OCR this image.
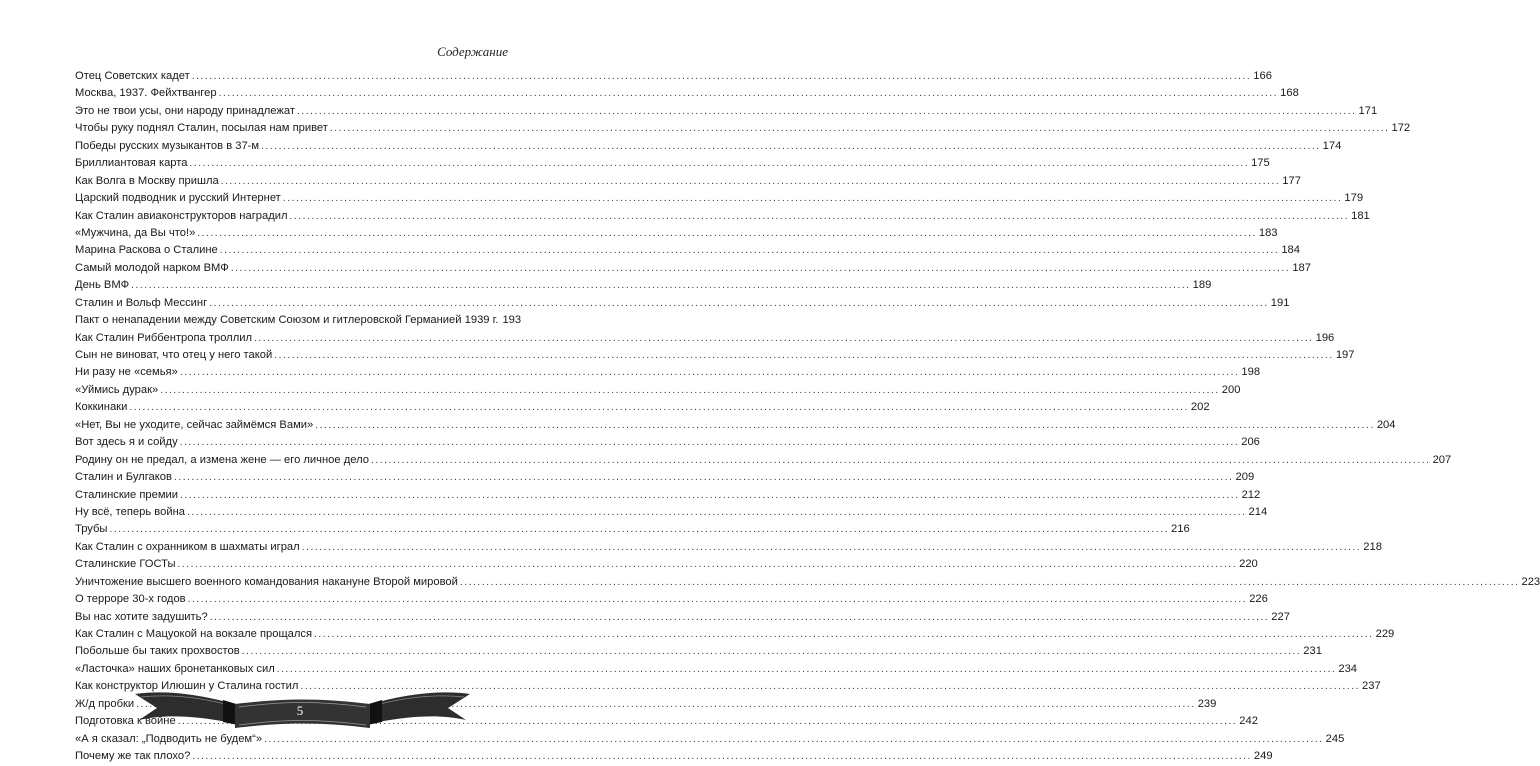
Содержание
Отец Советских кадет .....	166
Москва, 1937. Фейхтвангер .....	168
Это не твои усы, они народу принадлежат .....	171
Чтобы руку поднял Сталин, посылая нам привет .....	172
Победы русских музыкантов в 37-м .....	174
Бриллиантовая карта .....	175
Как Волга в Москву пришла .....	177
Царский подводник и русский Интернет .....	179
Как Сталин авиаконструкторов наградил .....	181
«Мужчина, да Вы что!» .....	183
Марина Раскова о Сталине .....	184
Самый молодой нарком ВМФ .....	187
День ВМФ .....	189
Сталин и Вольф Мессинг .....	191
Пакт о ненападении между Советским Союзом и гитлеровской Германией 1939 г. 193
Как Сталин Риббентропа троллил .....	196
Сын не виноват, что отец у него такой .....	197
Ни разу не «семья» .....	198
«Уймись дурак» .....	200
Коккинаки .....	202
«Нет, Вы не уходите, сейчас займёмся Вами» .....	204
Вот здесь я и сойду .....	206
Родину он не предал, а измена жене — его личное дело .....	207
Сталин и Булгаков .....	209
Сталинские премии .....	212
Ну всё, теперь война .....	214
Трубы .....	216
Как Сталин с охранником в шахматы играл .....	218
Сталинские ГОСТы .....	220
Уничтожение высшего военного командования накануне Второй мировой .....	223
О терроре 30-х годов .....	226
Вы нас хотите задушить? .....	227
Как Сталин с Мацуокой на вокзале прощался .....	229
Побольше бы таких прохвостов .....	231
«Ласточка» наших бронетанковых сил .....	234
Как конструктор Илюшин у Сталина гостил .....	237
Ж/д пробки .....	239
Подготовка к войне .....	242
«А я сказал: „Подводить не будем“» .....	245
Почему же так плохо? .....	249
5
